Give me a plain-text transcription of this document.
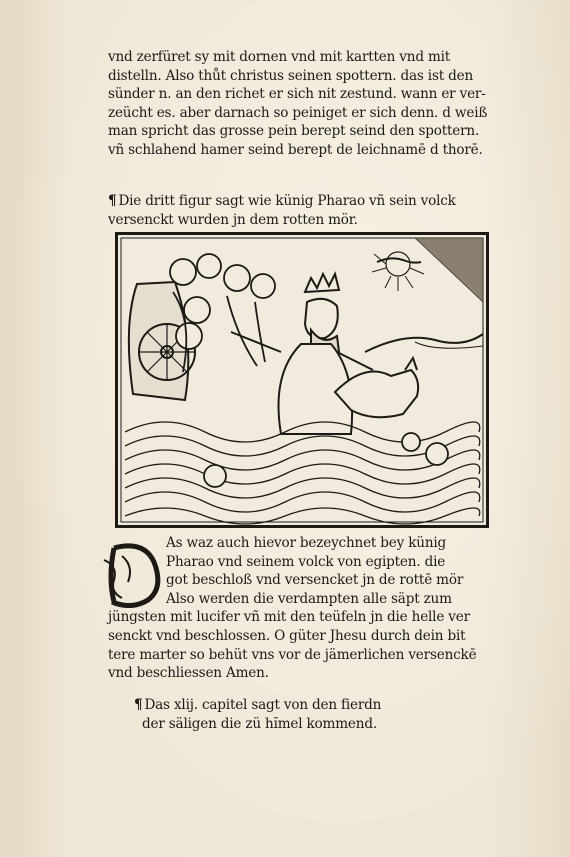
vnd zerfüret sy mit dornen vnd mit kartten vnd mit
distelln. Also thůt christus seinen spottern. das ist den
sünder n. an den richet er sich nit zestund. wann er ver-
zeücht es. aber darnach so peiniget er sich denn. d weiß
man spricht das grosse pein berept seind den spottern.
vñ schlahend hamer seind berept de leichnamē d thorē.
¶ Die dritt figur sagt wie künig Pharao vñ sein volck
versenckt wurden jn dem rotten mör.
As waz auch hievor bezeychnet bey künig
Pharao vnd seinem volck von egipten. die
got beschloß vnd versencket jn de rottē mör
Also werden die verdampten alle säpt zum
jüngsten mit lucifer vñ mit den teüfeln jn die helle ver
senckt vnd beschlossen. O güter Jhesu durch dein bit
tere marter so behüt vns vor de jämerlichen versenckē
vnd beschliessen Amen.
¶ Das xlij. capitel sagt von den fierdn
der säligen die zü hĭmel kommend.
